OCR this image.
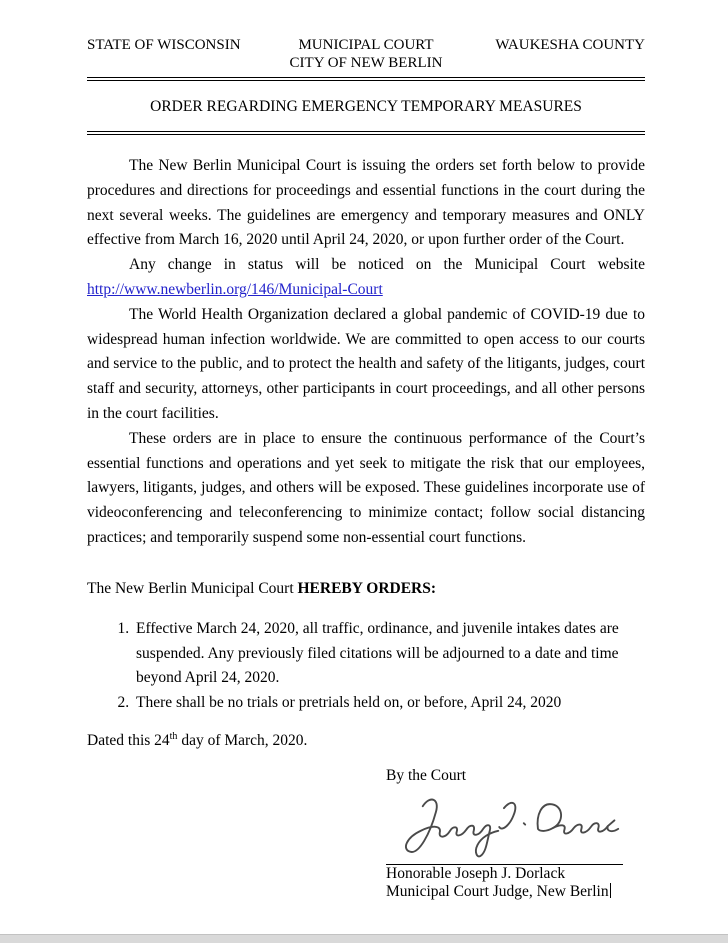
STATE OF WISCONSIN	MUNICIPAL COURT	WAUKESHA COUNTY
CITY OF NEW BERLIN
ORDER REGARDING EMERGENCY TEMPORARY MEASURES

The New Berlin Municipal Court is issuing the orders set forth below to provide procedures and directions for proceedings and essential functions in the court during the next several weeks. The guidelines are emergency and temporary measures and ONLY effective from March 16, 2020 until April 24, 2020, or upon further order of the Court.

Any change in status will be noticed on the Municipal Court website http://www.newberlin.org/146/Municipal-Court

The World Health Organization declared a global pandemic of COVID-19 due to widespread human infection worldwide. We are committed to open access to our courts and service to the public, and to protect the health and safety of the litigants, judges, court staff and security, attorneys, other participants in court proceedings, and all other persons in the court facilities.

These orders are in place to ensure the continuous performance of the Court’s essential functions and operations and yet seek to mitigate the risk that our employees, lawyers, litigants, judges, and others will be exposed. These guidelines incorporate use of videoconferencing and teleconferencing to minimize contact; follow social distancing practices; and temporarily suspend some non-essential court functions.

The New Berlin Municipal Court HEREBY ORDERS:

1. Effective March 24, 2020, all traffic, ordinance, and juvenile intakes dates are suspended. Any previously filed citations will be adjourned to a date and time beyond April 24, 2020.
2. There shall be no trials or pretrials held on, or before, April 24, 2020

Dated this 24th day of March, 2020.

By the Court
Honorable Joseph J. Dorlack
Municipal Court Judge, New Berlin
